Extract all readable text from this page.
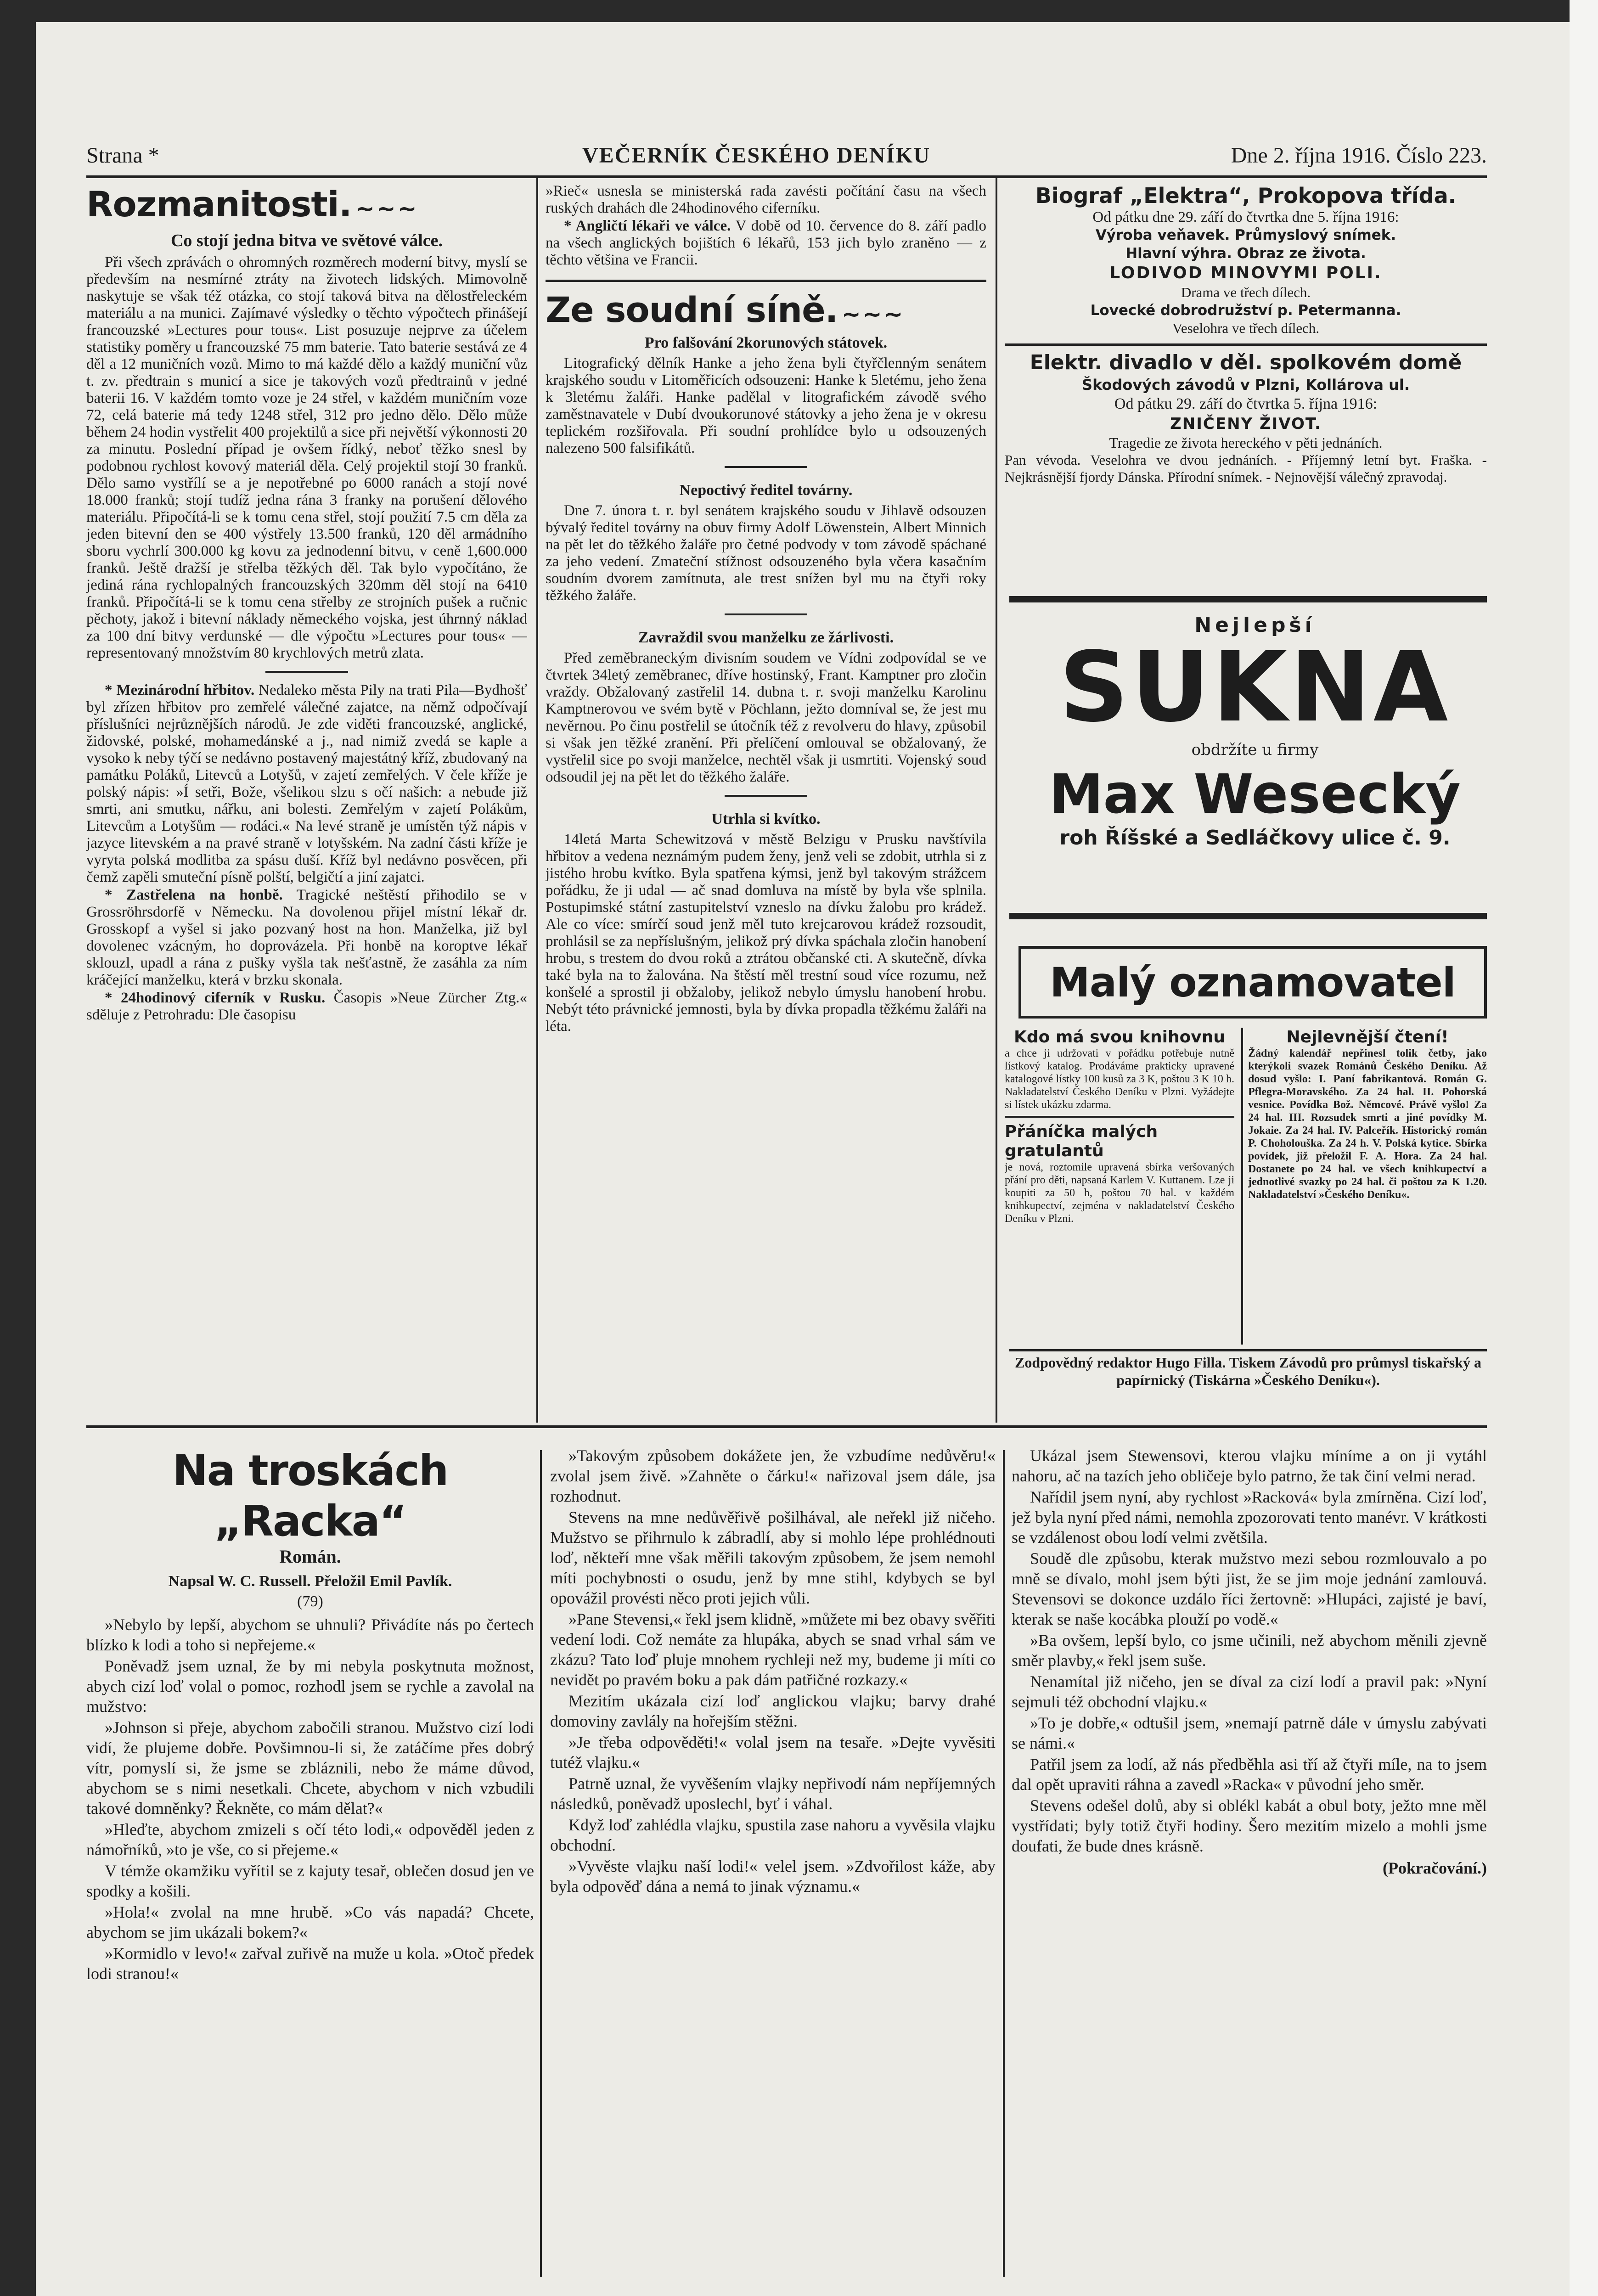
Strana *	VEČERNÍK ČESKÉHO DENÍKU	Dne 2. října 1916. Číslo 223.
Rozmanitosti. ~~~
Co stojí jedna bitva ve světové válce.

Při všech zprávách o ohromných rozměrech moderní bitvy, myslí se především na nesmírné ztráty na životech lidských. Mimovolně naskytuje se však též otázka, co stojí taková bitva na dělostřeleckém materiálu a na munici. Zajímavé výsledky o těchto výpočtech přinášejí francouzské »Lectures pour tous«. List posuzuje nejprve za účelem statistiky poměry u francouzské 75 mm baterie. Tato baterie sestává ze 4 děl a 12 muničních vozů. Mimo to má každé dělo a každý muniční vůz t. zv. předtrain s municí a sice je takových vozů předtrainů v jedné baterii 16. V každém tomto voze je 24 střel, v každém muničním voze 72, celá baterie má tedy 1248 střel, 312 pro jedno dělo. Dělo může během 24 hodin vystřelit 400 projektilů a sice při největší výkonnosti 20 za minutu. Poslední případ je ovšem řídký, neboť těžko snesl by podobnou rychlost kovový materiál děla. Celý projektil stojí 30 franků. Dělo samo vystřílí se a je nepotřebné po 6000 ranách a stojí nové 18.000 franků; stojí tudíž jedna rána 3 franky na porušení dělového materiálu. Připočítá-li se k tomu cena střel, stojí použití 7.5 cm děla za jeden bitevní den se 400 výstřely 13.500 franků, 120 děl armádního sboru vychrlí 300.000 kg kovu za jednodenní bitvu, v ceně 1,600.000 franků. Ještě dražší je střelba těžkých děl. Tak bylo vypočítáno, že jediná rána rychlopalných francouzských 320mm děl stojí na 6410 franků. Připočítá-li se k tomu cena střelby ze strojních pušek a ručnic pěchoty, jakož i bitevní náklady německého vojska, jest úhrnný náklad za 100 dní bitvy verdunské — dle výpočtu »Lectures pour tous« — representovaný množstvím 80 krychlových metrů zlata.

* Mezinárodní hřbitov. Nedaleko města Pily na trati Pila—Bydhošť byl zřízen hřbitov pro zemřelé válečné zajatce, na němž odpočívají příslušníci nejrůznějších národů. Je zde viděti francouzské, anglické, židovské, polské, mohamedánské a j., nad nimiž zvedá se kaple a vysoko k neby týčí se nedávno postavený majestátný kříž, zbudovaný na památku Poláků, Litevců a Lotyšů, v zajetí zemřelých. V čele kříže je polský nápis: »Í setři, Bože, všelikou slzu s očí našich: a nebude již smrti, ani smutku, nářku, ani bolesti. Zemřelým v zajetí Polákům, Litevcům a Lotyšům — rodáci.« Na levé straně je umístěn týž nápis v jazyce litevském a na pravé straně v lotyšském. Na zadní části kříže je vyryta polská modlitba za spásu duší. Kříž byl nedávno posvěcen, při čemž zapěli smuteční písně polští, belgičtí a jiní zajatci.

* Zastřelena na honbě. Tragické neštěstí přihodilo se v Grossröhrsdorfě v Německu. Na dovolenou přijel místní lékař dr. Grosskopf a vyšel si jako pozvaný host na hon. Manželka, již byl dovolenec vzácným, ho doprovázela. Při honbě na koroptve lékař sklouzl, upadl a rána z pušky vyšla tak nešťastně, že zasáhla za ním kráčející manželku, která v brzku skonala.

* 24hodinový ciferník v Rusku. Časopis »Neue Zürcher Ztg.« sděluje z Petrohradu: Dle časopisu

»Rieč« usnesla se ministerská rada zavésti počítání času na všech ruských drahách dle 24hodinového ciferníku.

* Angličtí lékaři ve válce. V době od 10. července do 8. září padlo na všech anglických bojištích 6 lékařů, 153 jich bylo zraněno — z těchto většina ve Francii.

Ze soudní síně. ~~~
Pro falšování 2korunových státovek.

Litografický dělník Hanke a jeho žena byli čtyřčlenným senátem krajského soudu v Litoměřicích odsouzeni: Hanke k 5letému, jeho žena k 3letému žaláři. Hanke padělal v litografickém závodě svého zaměstnavatele v Dubí dvoukorunové státovky a jeho žena je v okresu teplickém rozšiřovala. Při soudní prohlídce bylo u odsouzených nalezeno 500 falsifikátů.

Nepoctivý ředitel továrny.

Dne 7. února t. r. byl senátem krajského soudu v Jihlavě odsouzen bývalý ředitel továrny na obuv firmy Adolf Löwenstein, Albert Minnich na pět let do těžkého žaláře pro četné podvody v tom závodě spáchané za jeho vedení. Zmateční stížnost odsouzeného byla včera kasačním soudním dvorem zamítnuta, ale trest snížen byl mu na čtyři roky těžkého žaláře.

Zavraždil svou manželku ze žárlivosti.

Před zeměbraneckým divisním soudem ve Vídni zodpovídal se ve čtvrtek 34letý zeměbranec, dříve hostinský, Frant. Kamptner pro zločin vraždy. Obžalovaný zastřelil 14. dubna t. r. svoji manželku Karolinu Kamptnerovou ve svém bytě v Pöchlann, ježto domníval se, že jest mu nevěrnou. Po činu postřelil se útočník též z revolveru do hlavy, způsobil si však jen těžké zranění. Při přelíčení omlouval se obžalovaný, že vystřelil sice po svoji manželce, nechtěl však ji usmrtiti. Vojenský soud odsoudil jej na pět let do těžkého žaláře.

Utrhla si kvítko.

14letá Marta Schewitzová v městě Belzigu v Prusku navštívila hřbitov a vedena neznámým pudem ženy, jenž veli se zdobit, utrhla si z jistého hrobu kvítko. Byla spatřena kýmsi, jenž byl takovým strážcem pořádku, že ji udal — ač snad domluva na místě by byla vše splnila. Postupimské státní zastupitelství vzneslo na dívku žalobu pro krádež. Ale co více: smírčí soud jenž měl tuto krejcarovou krádež rozsoudit, prohlásil se za nepříslušným, jelikož prý dívka spáchala zločin hanobení hrobu, s trestem do dvou roků a ztrátou občanské cti. A skutečně, dívka také byla na to žalována. Na štěstí měl trestní soud více rozumu, než konšelé a sprostil ji obžaloby, jelikož nebylo úmyslu hanobení hrobu. Nebýt této právnické jemnosti, byla by dívka propadla těžkému žaláři na léta.

Biograf „Elektra“, Prokopova třída.
Od pátku dne 29. září do čtvrtka dne 5. října 1916:
Výroba veňavek. Průmyslový snímek.
Hlavní výhra. Obraz ze života.
LODIVOD MINOVYMI POLI.
Drama ve třech dílech.
Lovecké dobrodružství p. Petermanna.
Veselohra ve třech dílech.
Elektr. divadlo v děl. spolkovém domě
Škodových závodů v Plzni, Kollárova ul.
Od pátku 29. září do čtvrtka 5. října 1916:
ZNIČENY ŽIVOT.
Tragedie ze života hereckého v pěti jednáních.
Pan vévoda. Veselohra ve dvou jednáních. - Příjemný letní byt. Fraška. - Nejkrásnější fjordy Dánska. Přírodní snímek. - Nejnovější válečný zpravodaj.
Nejlepší
SUKNA
obdržíte u firmy
Max Wesecký
roh Říšské a Sedláčkovy ulice č. 9.
Malý oznamovatel
Kdo má svou knihovnu
a chce ji udržovati v pořádku potřebuje nutně lístkový katalog. Prodáváme prakticky upravené katalogové lístky 100 kusů za 3 K, poštou 3 K 10 h. Nakladatelství Českého Deníku v Plzni. Vyžádejte si lístek ukázku zdarma.
Přáníčka malých gratulantů
je nová, roztomile upravená sbírka veršovaných přání pro děti, napsaná Karlem V. Kuttanem. Lze ji koupiti za 50 h, poštou 70 hal. v každém knihkupectví, zejména v nakladatelství Českého Deníku v Plzni.
Nejlevnější čtení!
Žádný kalendář nepřinesl tolik četby, jako kterýkoli svazek Románů Českého Deníku. Až dosud vyšlo: I. Paní fabrikantová. Román G. Pflegra-Moravského. Za 24 hal. II. Pohorská vesnice. Povídka Bož. Němcové. Právě vyšlo! Za 24 hal. III. Rozsudek smrti a jiné povídky M. Jokaie. Za 24 hal. IV. Palceřík. Historický román P. Choholouška. Za 24 h. V. Polská kytice. Sbírka povídek, již přeložil F. A. Hora. Za 24 hal. Dostanete po 24 hal. ve všech knihkupectví a jednotlivé svazky po 24 hal. či poštou za K 1.20. Nakladatelství »Českého Deníku«.
Zodpovědný redaktor Hugo Filla. Tiskem Závodů pro průmysl tiskařský a papírnický (Tiskárna »Českého Deníku«).
Na troskách „Racka“
Román.
Napsal W. C. Russell. Přeložil Emil Pavlík.
(79)

»Nebylo by lepší, abychom se uhnuli? Přivádíte nás po čertech blízko k lodi a toho si nepřejeme.«

Poněvadž jsem uznal, že by mi nebyla poskytnuta možnost, abych cizí loď volal o pomoc, rozhodl jsem se rychle a zavolal na mužstvo:

»Johnson si přeje, abychom zabočili stranou. Mužstvo cizí lodi vidí, že plujeme dobře. Povšimnou-li si, že zatáčíme přes dobrý vítr, pomyslí si, že jsme se zbláznili, nebo že máme důvod, abychom se s nimi nesetkali. Chcete, abychom v nich vzbudili takové domněnky? Řekněte, co mám dělat?«

»Hleďte, abychom zmizeli s očí této lodi,« odpověděl jeden z námořníků, »to je vše, co si přejeme.«

V témže okamžiku vyřítil se z kajuty tesař, oblečen dosud jen ve spodky a košili.

»Hola!« zvolal na mne hrubě. »Co vás napadá? Chcete, abychom se jim ukázali bokem?«

»Kormidlo v levo!« zařval zuřivě na muže u kola. »Otoč předek lodi stranou!«

»Takovým způsobem dokážete jen, že vzbudíme nedůvěru!« zvolal jsem živě. »Zahněte o čárku!« nařizoval jsem dále, jsa rozhodnut.

Stevens na mne nedůvěřivě pošilhával, ale neřekl již ničeho. Mužstvo se přihrnulo k zábradlí, aby si mohlo lépe prohlédnouti loď, někteří mne však měřili takovým způsobem, že jsem nemohl míti pochybnosti o osudu, jenž by mne stihl, kdybych se byl opovážil provésti něco proti jejich vůli.

»Pane Stevensi,« řekl jsem klidně, »můžete mi bez obavy svěřiti vedení lodi. Což nemáte za hlupáka, abych se snad vrhal sám ve zkázu? Tato loď pluje mnohem rychleji než my, budeme ji míti co nevidět po pravém boku a pak dám patřičné rozkazy.«

Mezitím ukázala cizí loď anglickou vlajku; barvy drahé domoviny zavlály na hořejším stěžni.

»Je třeba odpověděti!« volal jsem na tesaře. »Dejte vyvěsiti tutéž vlajku.«

Patrně uznal, že vyvěšením vlajky nepřivodí nám nepříjemných následků, poněvadž uposlechl, byť i váhal.

Když loď zahlédla vlajku, spustila zase nahoru a vyvěsila vlajku obchodní.

»Vyvěste vlajku naší lodi!« velel jsem. »Zdvořilost káže, aby byla odpověď dána a nemá to jinak významu.«

Ukázal jsem Stewensovi, kterou vlajku míníme a on ji vytáhl nahoru, ač na tazích jeho obličeje bylo patrno, že tak činí velmi nerad.

Nařídil jsem nyní, aby rychlost »Racková« byla zmírněna. Cizí loď, jež byla nyní před námi, nemohla zpozorovati tento manévr. V krátkosti se vzdálenost obou lodí velmi zvětšila.

Soudě dle způsobu, kterak mužstvo mezi sebou rozmlouvalo a po mně se dívalo, mohl jsem býti jist, že se jim moje jednání zamlouvá. Stevensovi se dokonce uzdálo říci žertovně: »Hlupáci, zajisté je baví, kterak se naše kocábka plouží po vodě.«

»Ba ovšem, lepší bylo, co jsme učinili, než abychom měnili zjevně směr plavby,« řekl jsem suše.

Nenamítal již ničeho, jen se díval za cizí lodí a pravil pak: »Nyní sejmuli též obchodní vlajku.«

»To je dobře,« odtušil jsem, »nemají patrně dále v úmyslu zabývati se námi.«

Patřil jsem za lodí, až nás předběhla asi tří až čtyři míle, na to jsem dal opět upraviti ráhna a zavedl »Racka« v původní jeho směr.

Stevens odešel dolů, aby si oblékl kabát a obul boty, ježto mne měl vystřídati; byly totiž čtyři hodiny. Šero mezitím mizelo a mohli jsme doufati, že bude dnes krásně.

(Pokračování.)
